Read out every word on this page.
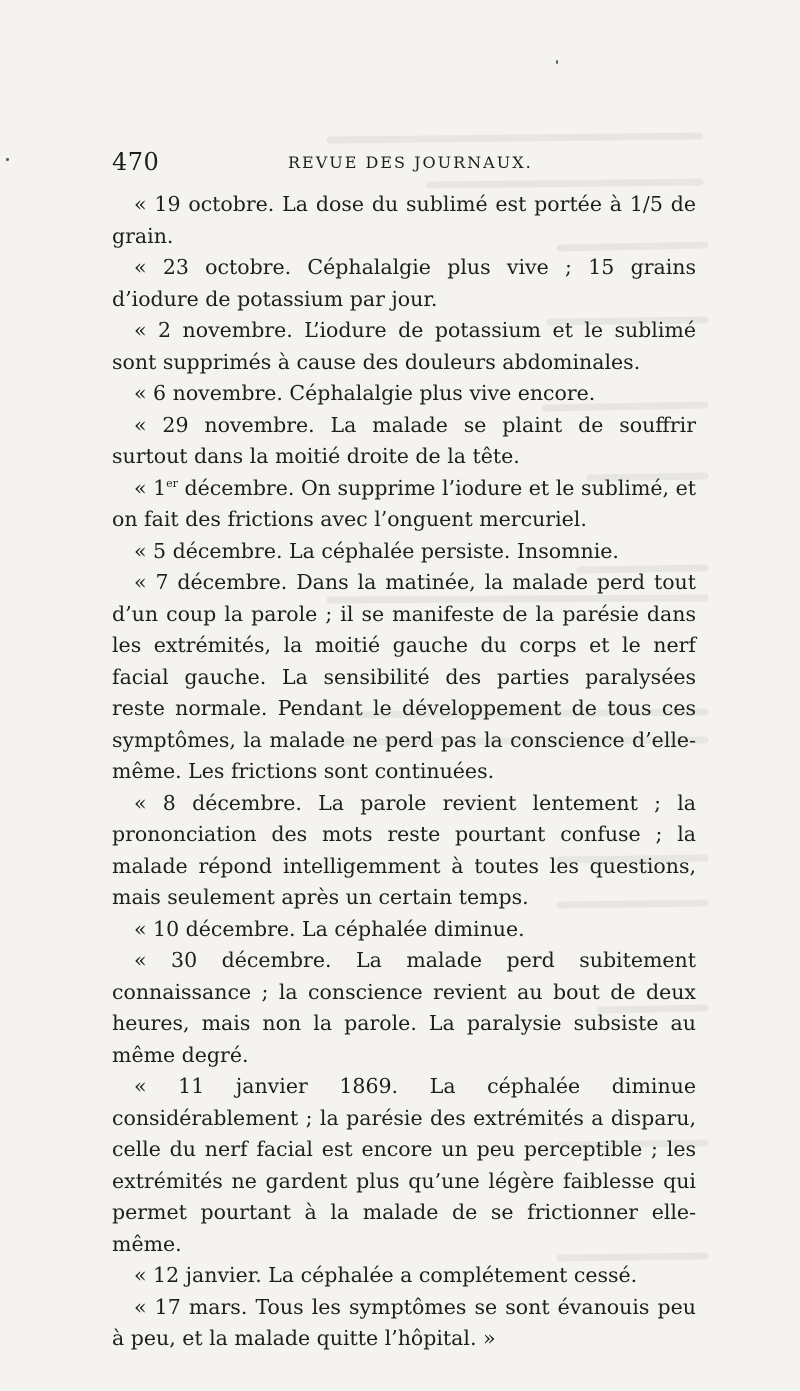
470	REVUE DES JOURNAUX.

« 19 octobre. La dose du sublimé est portée à 1/5 de grain.

« 23 octobre. Céphalalgie plus vive ; 15 grains d’iodure de potassium par jour.

« 2 novembre. L’iodure de potassium et le sublimé sont supprimés à cause des douleurs abdominales.

« 6 novembre. Céphalalgie plus vive encore.

« 29 novembre. La malade se plaint de souffrir surtout dans la moitié droite de la tête.

« 1er décembre. On supprime l’iodure et le sublimé, et on fait des frictions avec l’onguent mercuriel.

« 5 décembre. La céphalée persiste. Insomnie.

« 7 décembre. Dans la matinée, la malade perd tout d’un coup la parole ; il se manifeste de la parésie dans les extrémités, la moitié gauche du corps et le nerf facial gauche. La sensibilité des parties paralysées reste normale. Pendant le développement de tous ces symptômes, la malade ne perd pas la conscience d’elle-même. Les frictions sont continuées.

« 8 décembre. La parole revient lentement ; la prononciation des mots reste pourtant confuse ; la malade répond intelligemment à toutes les questions, mais seulement après un certain temps.

« 10 décembre. La céphalée diminue.

« 30 décembre. La malade perd subitement connaissance ; la conscience revient au bout de deux heures, mais non la parole. La paralysie subsiste au même degré.

« 11 janvier 1869. La céphalée diminue considérablement ; la parésie des extrémités a disparu, celle du nerf facial est encore un peu perceptible ; les extrémités ne gardent plus qu’une légère faiblesse qui permet pourtant à la malade de se frictionner elle-même.

« 12 janvier. La céphalée a complétement cessé.

« 17 mars. Tous les symptômes se sont évanouis peu à peu, et la malade quitte l’hôpital. »
